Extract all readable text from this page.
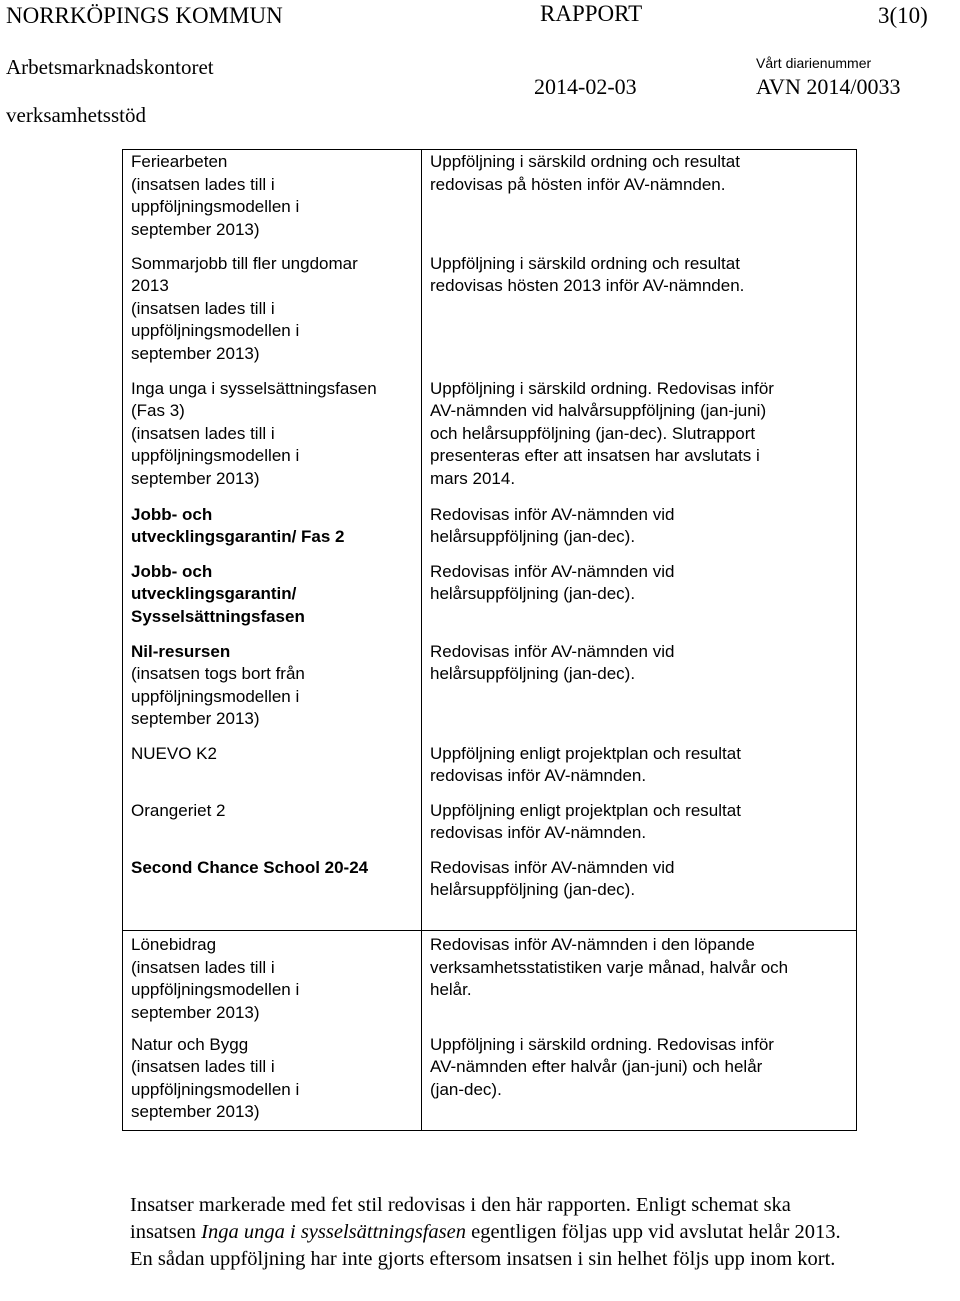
NORRKÖPINGS KOMMUN	RAPPORT	3(10)
Arbetsmarknadskontoret	Vårt diarienummer
2014-02-03	AVN 2014/0033
verksamhetsstöd
Feriearbeten
(insatsen lades till i
uppföljningsmodellen i
september 2013)	Uppföljning i särskild ordning och resultat
redovisas på hösten inför AV-nämnden.

Sommarjobb till fler ungdomar
2013
(insatsen lades till i
uppföljningsmodellen i
september 2013)	Uppföljning i särskild ordning och resultat
redovisas hösten 2013 inför AV-nämnden.

Inga unga i sysselsättningsfasen
(Fas 3)
(insatsen lades till i
uppföljningsmodellen i
september 2013)	Uppföljning i särskild ordning. Redovisas inför
AV-nämnden vid halvårsuppföljning (jan-juni)
och helårsuppföljning (jan-dec). Slutrapport
presenteras efter att insatsen har avslutats i
mars 2014.

Jobb- och
utvecklingsgarantin/ Fas 2	Redovisas inför AV-nämnden vid
helårsuppföljning (jan-dec).

Jobb- och
utvecklingsgarantin/
Sysselsättningsfasen	Redovisas inför AV-nämnden vid
helårsuppföljning (jan-dec).

Nil-resursen
(insatsen togs bort från
uppföljningsmodellen i
september 2013)	Redovisas inför AV-nämnden vid
helårsuppföljning (jan-dec).

NUEVO K2	Uppföljning enligt projektplan och resultat
redovisas inför AV-nämnden.

Orangeriet 2	Uppföljning enligt projektplan och resultat
redovisas inför AV-nämnden.

Second Chance School 20-24	Redovisas inför AV-nämnden vid
helårsuppföljning (jan-dec).

Lönebidrag
(insatsen lades till i
uppföljningsmodellen i
september 2013)	Redovisas inför AV-nämnden i den löpande
verksamhetsstatistiken varje månad, halvår och
helår.

Natur och Bygg
(insatsen lades till i
uppföljningsmodellen i
september 2013)	Uppföljning i särskild ordning. Redovisas inför
AV-nämnden efter halvår (jan-juni) och helår
(jan-dec).
Insatser markerade med fet stil redovisas i den här rapporten. Enligt schemat ska insatsen Inga unga i sysselsättningsfasen egentligen följas upp vid avslutat helår 2013. En sådan uppföljning har inte gjorts eftersom insatsen i sin helhet följs upp inom kort.
